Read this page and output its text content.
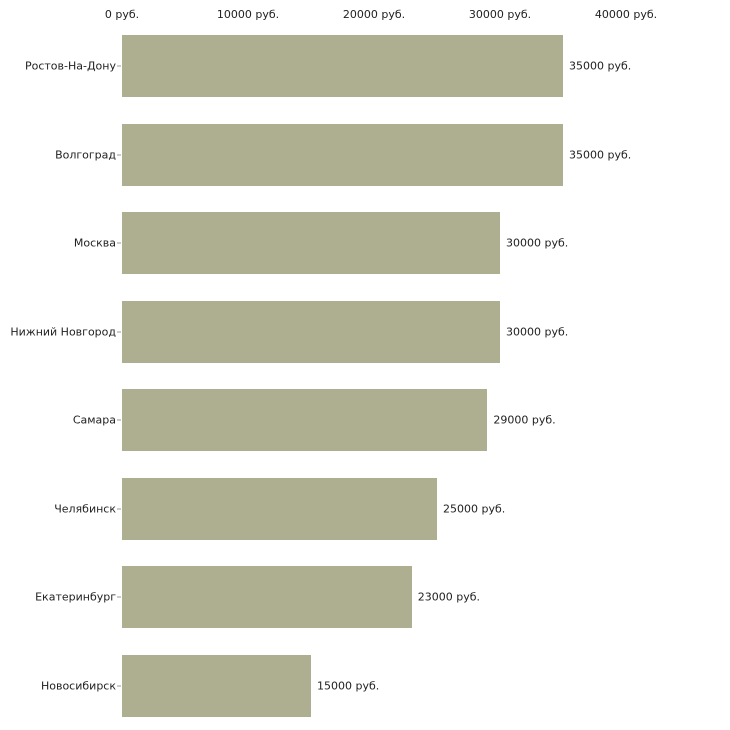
0 руб.	10000 руб.	20000 руб.	30000 руб.	40000 руб.
Ростов-На-Дону	35000 руб.
Волгоград	35000 руб.
Москва	30000 руб.
Нижний Новгород	30000 руб.
Самара	29000 руб.
Челябинск	25000 руб.
Екатеринбург	23000 руб.
Новосибирск	15000 руб.
